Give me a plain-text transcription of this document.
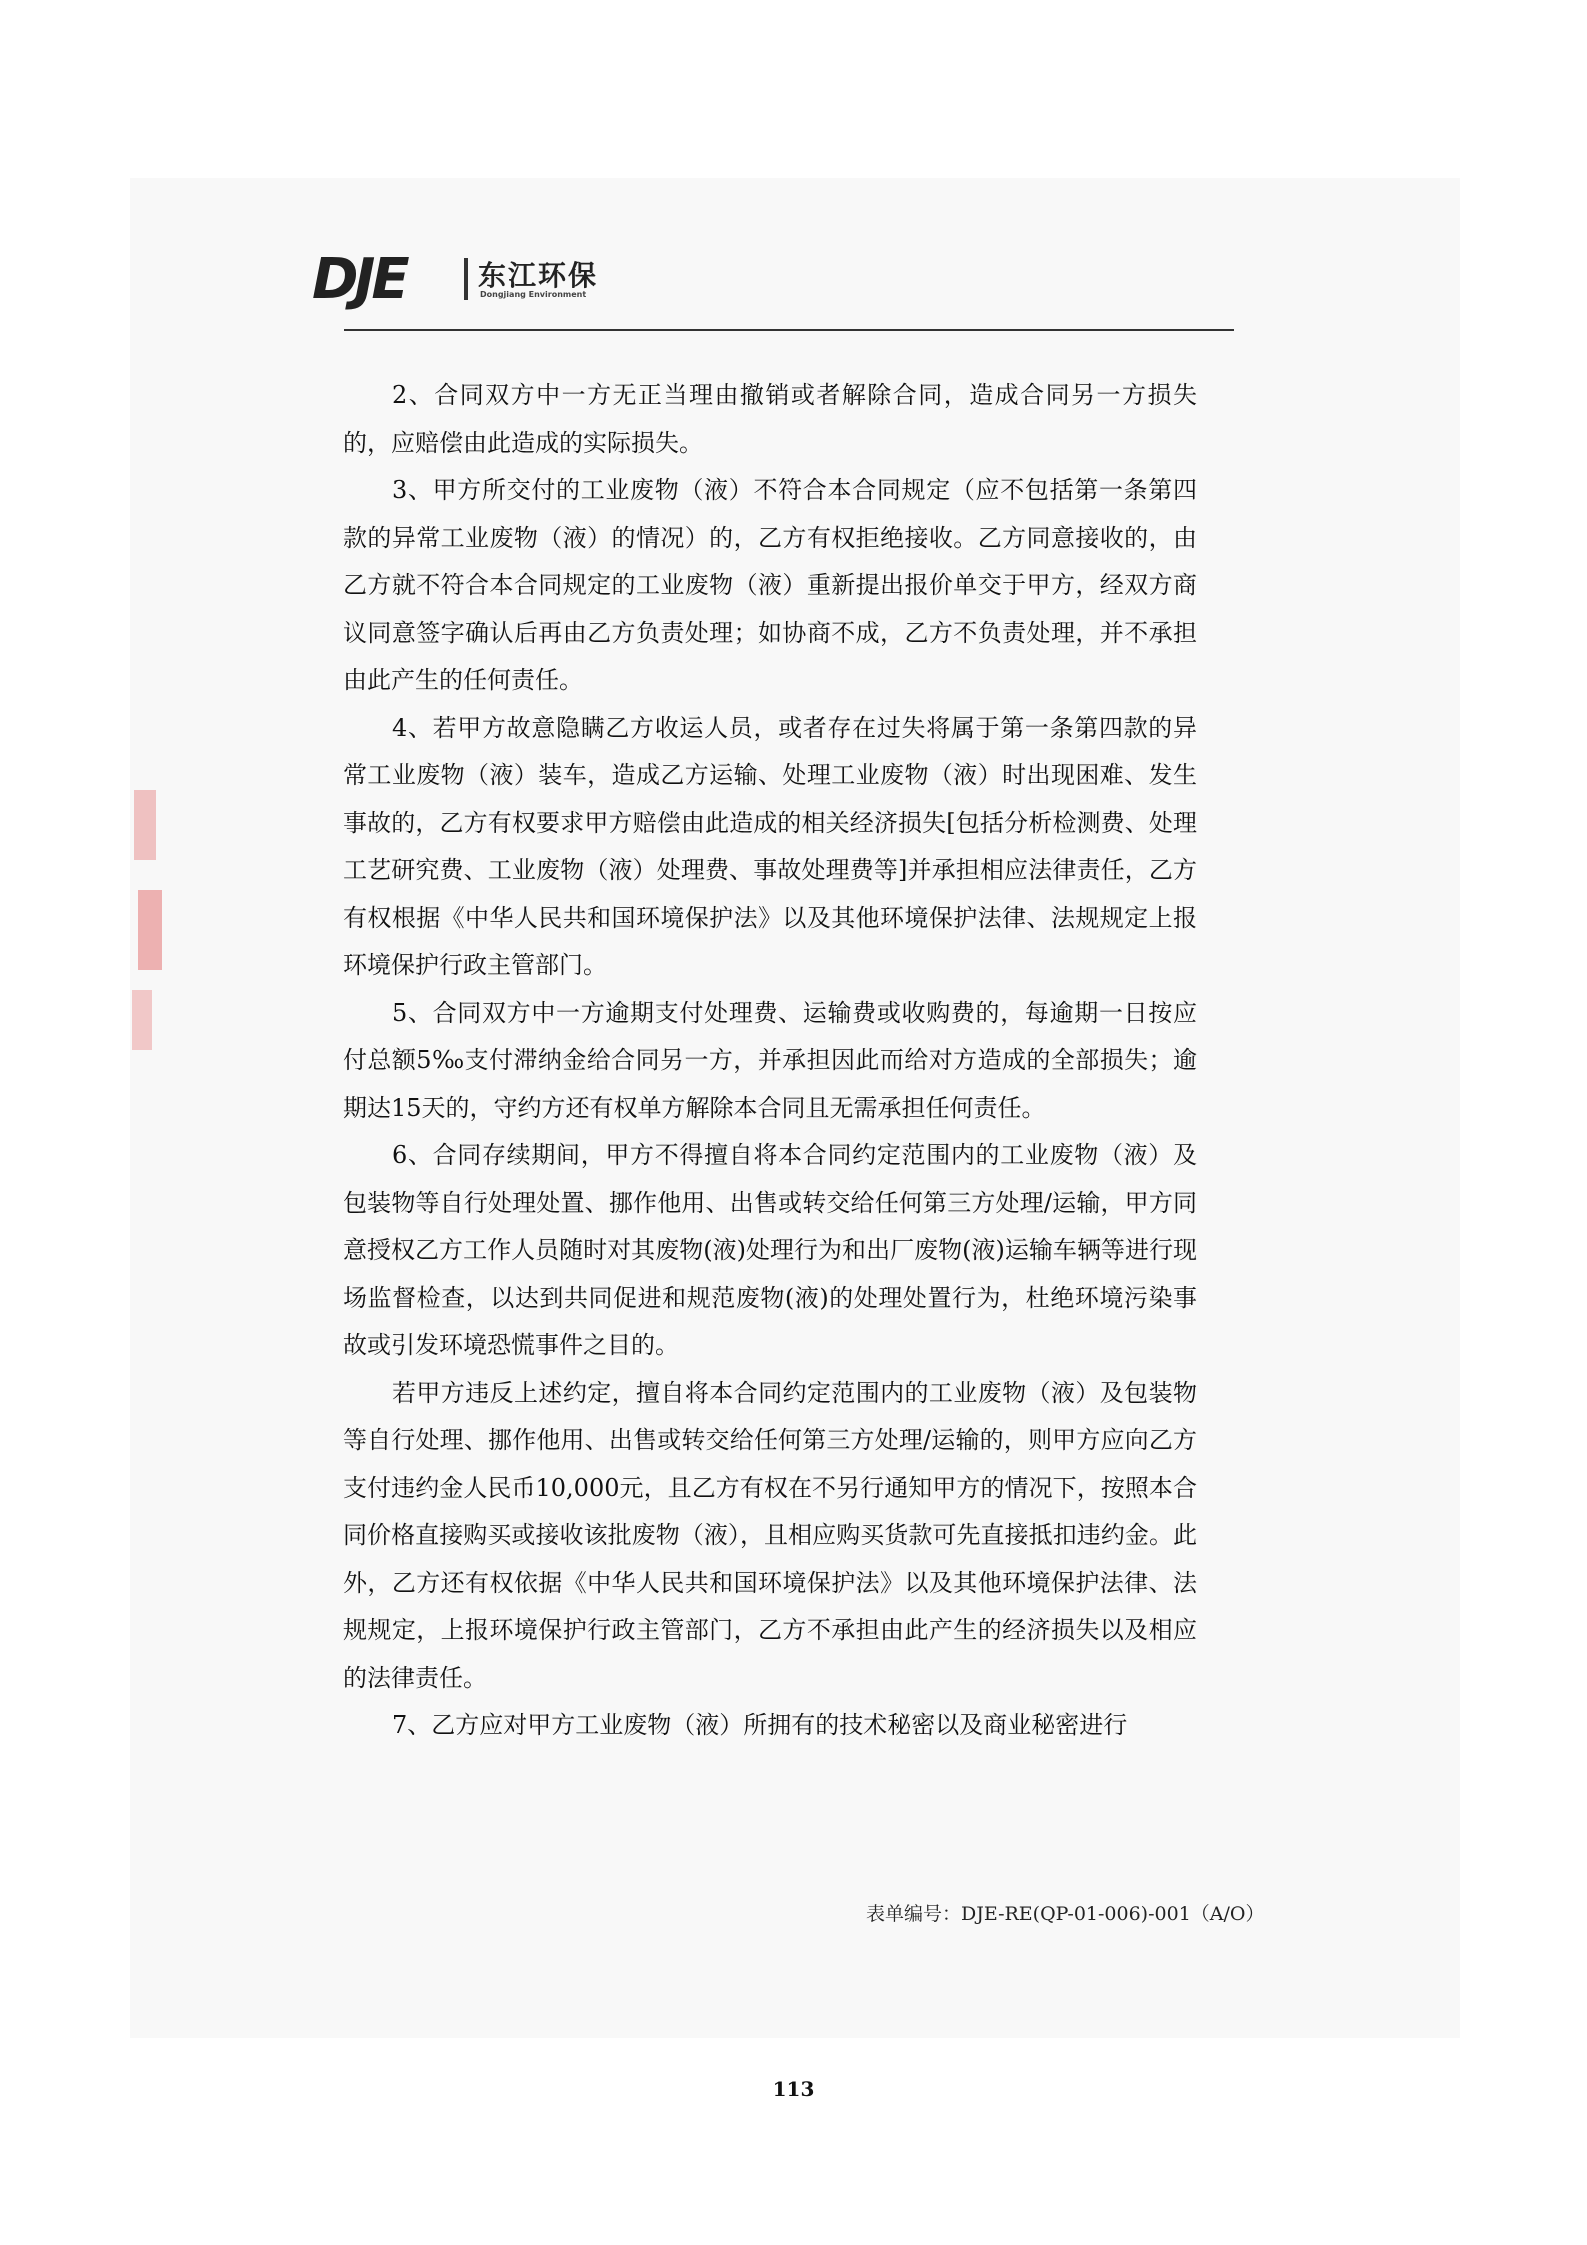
DJE	东江环保
Dongjiang Environment

2、合同双方中一方无正当理由撤销或者解除合同，造成合同另一方损失的，应赔偿由此造成的实际损失。

3、甲方所交付的工业废物（液）不符合本合同规定（应不包括第一条第四款的异常工业废物（液）的情况）的，乙方有权拒绝接收。乙方同意接收的，由乙方就不符合本合同规定的工业废物（液）重新提出报价单交于甲方，经双方商议同意签字确认后再由乙方负责处理；如协商不成，乙方不负责处理，并不承担由此产生的任何责任。

4、若甲方故意隐瞒乙方收运人员，或者存在过失将属于第一条第四款的异常工业废物（液）装车，造成乙方运输、处理工业废物（液）时出现困难、发生事故的，乙方有权要求甲方赔偿由此造成的相关经济损失[包括分析检测费、处理工艺研究费、工业废物（液）处理费、事故处理费等]并承担相应法律责任，乙方有权根据《中华人民共和国环境保护法》以及其他环境保护法律、法规规定上报环境保护行政主管部门。

5、合同双方中一方逾期支付处理费、运输费或收购费的，每逾期一日按应付总额5‰支付滞纳金给合同另一方，并承担因此而给对方造成的全部损失；逾期达15天的，守约方还有权单方解除本合同且无需承担任何责任。

6、合同存续期间，甲方不得擅自将本合同约定范围内的工业废物（液）及包装物等自行处理处置、挪作他用、出售或转交给任何第三方处理/运输，甲方同意授权乙方工作人员随时对其废物(液)处理行为和出厂废物(液)运输车辆等进行现场监督检查，以达到共同促进和规范废物(液)的处理处置行为，杜绝环境污染事故或引发环境恐慌事件之目的。

若甲方违反上述约定，擅自将本合同约定范围内的工业废物（液）及包装物等自行处理、挪作他用、出售或转交给任何第三方处理/运输的，则甲方应向乙方支付违约金人民币10,000元，且乙方有权在不另行通知甲方的情况下，按照本合同价格直接购买或接收该批废物（液），且相应购买货款可先直接抵扣违约金。此外，乙方还有权依据《中华人民共和国环境保护法》以及其他环境保护法律、法规规定，上报环境保护行政主管部门，乙方不承担由此产生的经济损失以及相应的法律责任。

7、乙方应对甲方工业废物（液）所拥有的技术秘密以及商业秘密进行

表单编号：DJE-RE(QP-01-006)-001（A/O）
113
